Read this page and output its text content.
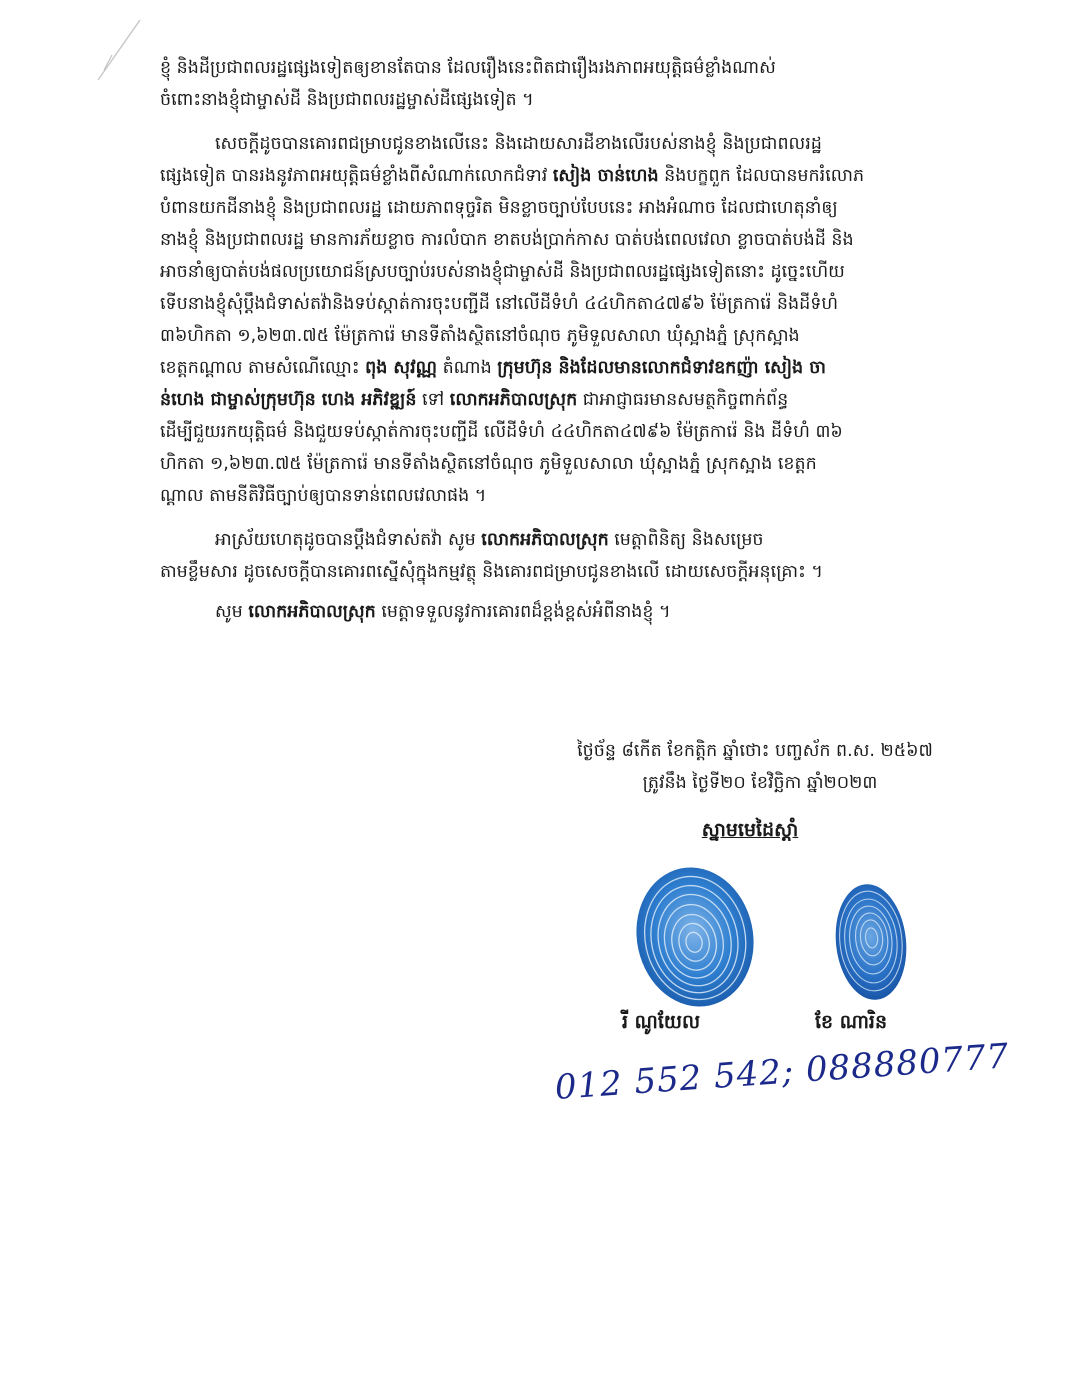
ខ្ញុំ និងដីប្រជាពលរដ្ឋផ្សេងទៀតឲ្យខានតែបាន ដែលរឿងនេះពិតជារឿងរងភាពអយុត្តិធម៌ខ្លាំងណាស់
ចំពោះនាងខ្ញុំជាម្ចាស់ដី និងប្រជាពលរដ្ឋម្ចាស់ដីផ្សេងទៀត ។
សេចក្តីដូចបានគោរពជម្រាបជូនខាងលើនេះ និងដោយសារដីខាងលើរបស់នាងខ្ញុំ និងប្រជាពលរដ្ឋ
ផ្សេងទៀត បានរងនូវភាពអយុត្តិធម៌ខ្លាំងពីសំណាក់លោកជំទាវ សៀង ចាន់ហេង និងបក្ខពួក ដែលបានមករំលោភ
បំពានយកដីនាងខ្ញុំ និងប្រជាពលរដ្ឋ ដោយភាពទុច្ចរិត មិនខ្លាចច្បាប់បែបនេះ អាងអំណាច ដែលជាហេតុនាំឲ្យ
នាងខ្ញុំ និងប្រជាពលរដ្ឋ មានការភ័យខ្លាច ការលំបាក ខាតបង់ប្រាក់កាស បាត់បង់ពេលវេលា ខ្លាចបាត់បង់ដី និង
អាចនាំឲ្យបាត់បង់ផលប្រយោជន៍ស្របច្បាប់របស់នាងខ្ញុំជាម្ចាស់ដី និងប្រជាពលរដ្ឋផ្សេងទៀតនោះ ដូច្នេះហើយ
ទើបនាងខ្ញុំសុំប្តឹងជំទាស់តវ៉ានិងទប់ស្កាត់ការចុះបញ្ជីដី នៅលើដីទំហំ ៤៤ហិកតា៤៧៩៦ ម៉ែត្រការ៉េ និងដីទំហំ
៣៦ហិកតា ១,៦២៣.៧៥ ម៉ែត្រការ៉េ មានទីតាំងស្ថិតនៅចំណុច ភូមិទួលសាលា ឃុំស្អាងភ្នំ ស្រុកស្អាង
ខេត្តកណ្តាល តាមសំណើឈ្មោះ ពុង សុវណ្ណ តំណាង ក្រុមហ៊ុន និងដែលមានលោកជំទាវឧកញ៉ា សៀង ចា
ន់ហេង ជាម្ចាស់ក្រុមហ៊ុន ហេង អភិវឌ្ឍន៍ ទៅ លោកអភិបាលស្រុក ជាអាជ្ញាធរមានសមត្ថកិច្ចពាក់ព័ន្ធ
ដើម្បីជួយរកយុត្តិធម៌ និងជួយទប់ស្កាត់ការចុះបញ្ជីដី លើដីទំហំ ៤៤ហិកតា៤៧៩៦ ម៉ែត្រការ៉េ និង ដីទំហំ ៣៦
ហិកតា ១,៦២៣.៧៥ ម៉ែត្រការ៉េ មានទីតាំងស្ថិតនៅចំណុច ភូមិទួលសាលា ឃុំស្អាងភ្នំ ស្រុកស្អាង ខេត្តក
ណ្តាល តាមនីតិវិធីច្បាប់ឲ្យបានទាន់ពេលវេលាផង ។
អាស្រ័យហេតុដូចបានប្តឹងជំទាស់តវ៉ា សូម លោកអភិបាលស្រុក មេត្តាពិនិត្យ និងសម្រេច
តាមខ្លឹមសារ ដូចសេចក្តីបានគោរពស្នើសុំក្នុងកម្មវត្ថុ និងគោរពជម្រាបជូនខាងលើ ដោយសេចក្តីអនុគ្រោះ ។
សូម លោកអភិបាលស្រុក មេត្តាទទួលនូវការគោរពដ៏ខ្ពង់ខ្ពស់អំពីនាងខ្ញុំ ។
ថ្ងៃច័ន្ទ ៨កើត ខែកត្តិក ឆ្នាំថោះ បញ្ចស័ក ព.ស. ២៥៦៧
ត្រូវនឹង ថ្ងៃទី២០ ខែវិច្ឆិកា ឆ្នាំ២០២៣
ស្នាមមេដៃស្តាំ
រី ណូយែល	ខែ ណារិន
012 552 542; 088880777
